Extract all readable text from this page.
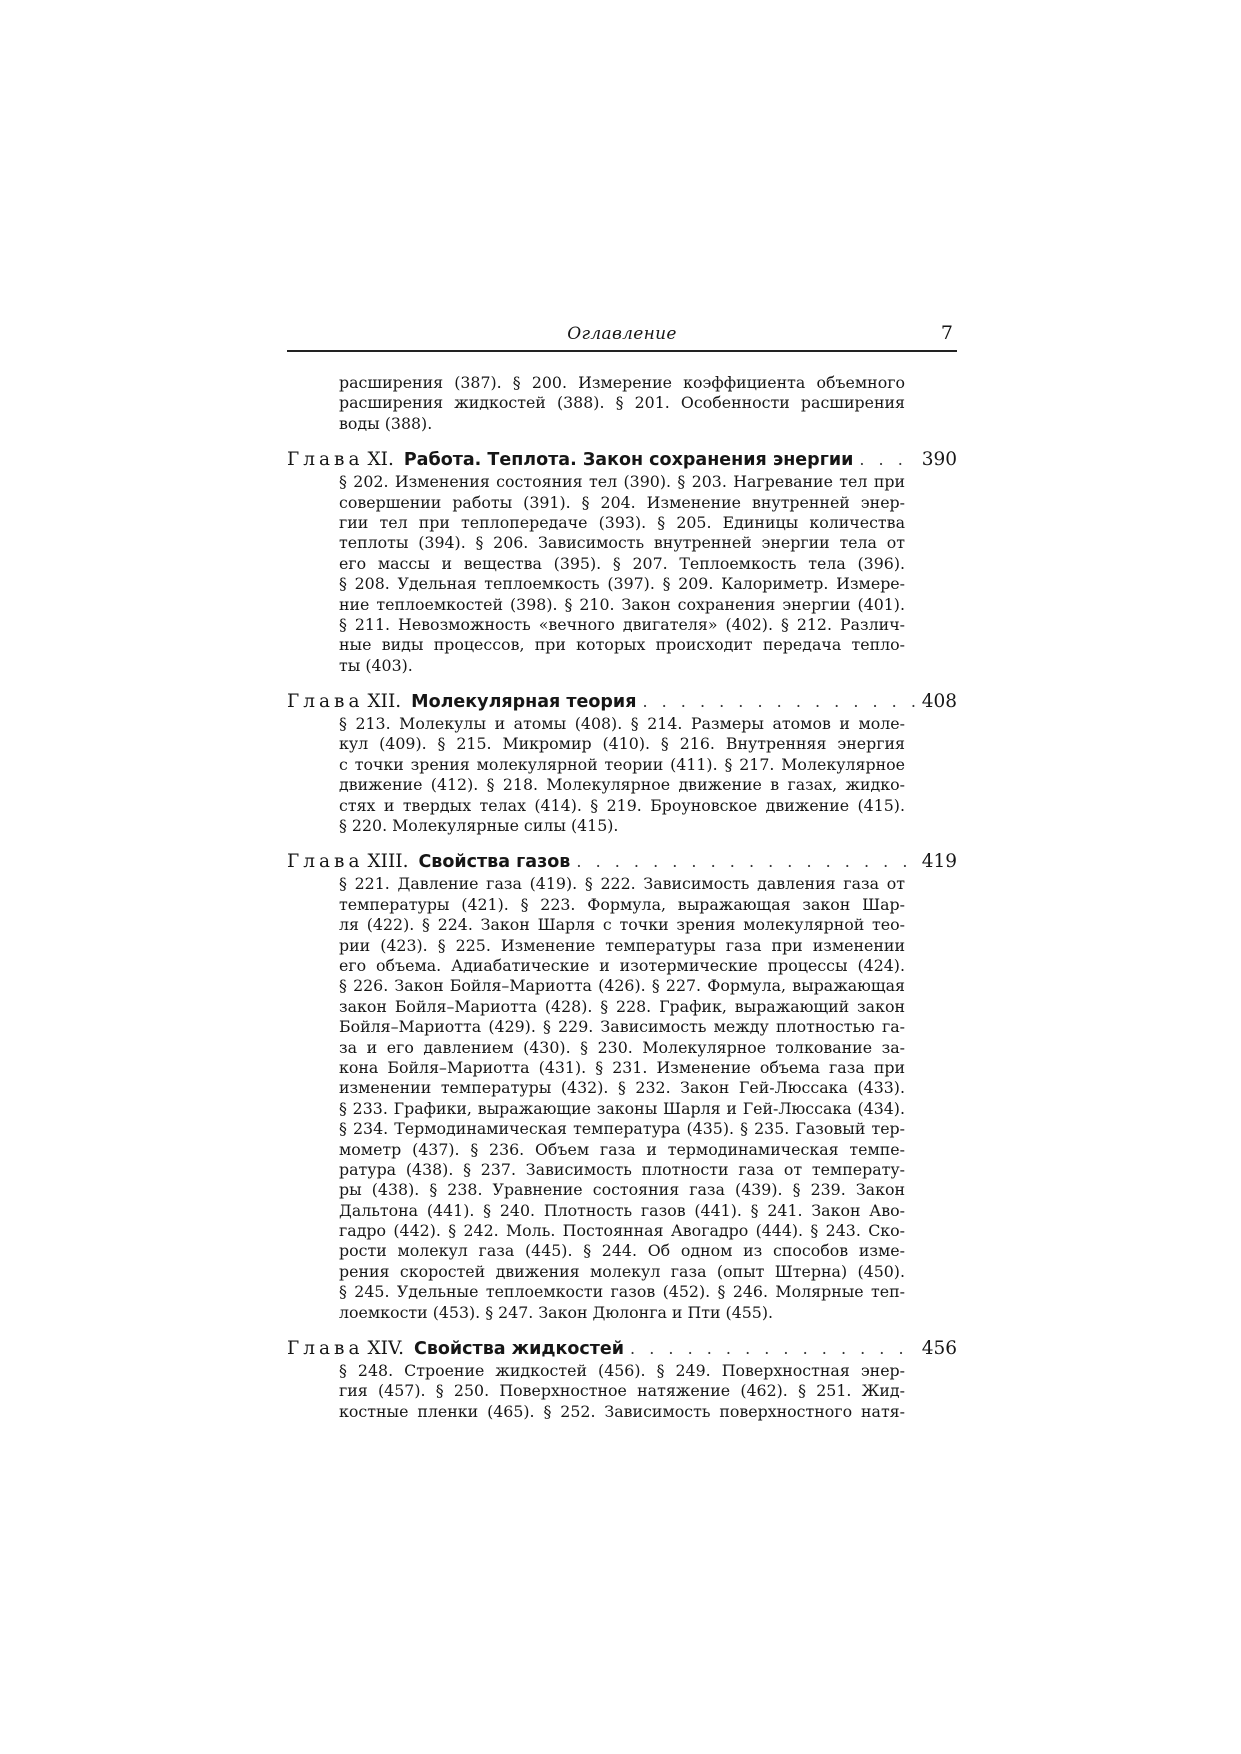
Оглавление	7
расширения (387). § 200. Измерение коэффициента объемного
расширения жидкостей (388). § 201. Особенности расширения
воды (388).
Глава XI. Работа. Теплота. Закон сохранения энергии . . .	390
§ 202. Изменения состояния тел (390). § 203. Нагревание тел при
совершении работы (391). § 204. Изменение внутренней энер-
гии тел при теплопередаче (393). § 205. Единицы количества
теплоты (394). § 206. Зависимость внутренней энергии тела от
его массы и вещества (395). § 207. Теплоемкость тела (396).
§ 208. Удельная теплоемкость (397). § 209. Калориметр. Измере-
ние теплоемкостей (398). § 210. Закон сохранения энергии (401).
§ 211. Невозможность «вечного двигателя» (402). § 212. Различ-
ные виды процессов, при которых происходит передача тепло-
ты (403).
Глава XII. Молекулярная теория . . .	408
§ 213. Молекулы и атомы (408). § 214. Размеры атомов и моле-
кул (409). § 215. Микромир (410). § 216. Внутренняя энергия
с точки зрения молекулярной теории (411). § 217. Молекулярное
движение (412). § 218. Молекулярное движение в газах, жидко-
стях и твердых телах (414). § 219. Броуновское движение (415).
§ 220. Молекулярные силы (415).
Глава XIII. Свойства газов . . .	419
§ 221. Давление газа (419). § 222. Зависимость давления газа от
температуры (421). § 223. Формула, выражающая закон Шар-
ля (422). § 224. Закон Шарля с точки зрения молекулярной тео-
рии (423). § 225. Изменение температуры газа при изменении
его объема. Адиабатические и изотермические процессы (424).
§ 226. Закон Бойля–Мариотта (426). § 227. Формула, выражающая
закон Бойля–Мариотта (428). § 228. График, выражающий закон
Бойля–Мариотта (429). § 229. Зависимость между плотностью га-
за и его давлением (430). § 230. Молекулярное толкование за-
кона Бойля–Мариотта (431). § 231. Изменение объема газа при
изменении температуры (432). § 232. Закон Гей-Люссака (433).
§ 233. Графики, выражающие законы Шарля и Гей-Люссака (434).
§ 234. Термодинамическая температура (435). § 235. Газовый тер-
мометр (437). § 236. Объем газа и термодинамическая темпе-
ратура (438). § 237. Зависимость плотности газа от температу-
ры (438). § 238. Уравнение состояния газа (439). § 239. Закон
Дальтона (441). § 240. Плотность газов (441). § 241. Закон Аво-
гадро (442). § 242. Моль. Постоянная Авогадро (444). § 243. Ско-
рости молекул газа (445). § 244. Об одном из способов изме-
рения скоростей движения молекул газа (опыт Штерна) (450).
§ 245. Удельные теплоемкости газов (452). § 246. Молярные теп-
лоемкости (453). § 247. Закон Дюлонга и Пти (455).
Глава XIV. Свойства жидкостей . . .	456
§ 248. Строение жидкостей (456). § 249. Поверхностная энер-
гия (457). § 250. Поверхностное натяжение (462). § 251. Жид-
костные пленки (465). § 252. Зависимость поверхностного натя-
